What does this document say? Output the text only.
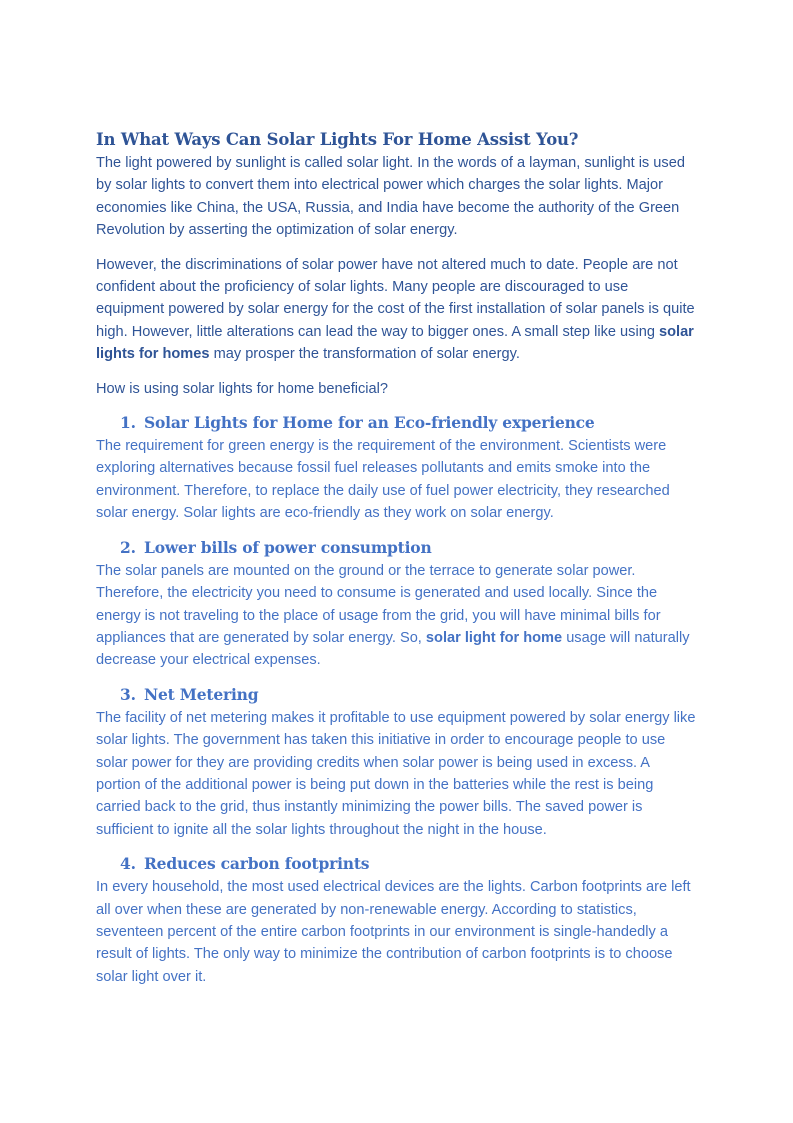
In What Ways Can Solar Lights For Home Assist You?

The light powered by sunlight is called solar light. In the words of a layman, sunlight is used by solar lights to convert them into electrical power which charges the solar lights. Major economies like China, the USA, Russia, and India have become the authority of the Green Revolution by asserting the optimization of solar energy.

However, the discriminations of solar power have not altered much to date. People are not confident about the proficiency of solar lights. Many people are discouraged to use equipment powered by solar energy for the cost of the first installation of solar panels is quite high. However, little alterations can lead the way to bigger ones. A small step like using solar lights for homes may prosper the transformation of solar energy.

How is using solar lights for home beneficial?

1. Solar Lights for Home for an Eco-friendly experience

The requirement for green energy is the requirement of the environment. Scientists were exploring alternatives because fossil fuel releases pollutants and emits smoke into the environment. Therefore, to replace the daily use of fuel power electricity, they researched solar energy. Solar lights are eco-friendly as they work on solar energy.

2. Lower bills of power consumption

The solar panels are mounted on the ground or the terrace to generate solar power. Therefore, the electricity you need to consume is generated and used locally. Since the energy is not traveling to the place of usage from the grid, you will have minimal bills for appliances that are generated by solar energy. So, solar light for home usage will naturally decrease your electrical expenses.

3. Net Metering

The facility of net metering makes it profitable to use equipment powered by solar energy like solar lights. The government has taken this initiative in order to encourage people to use solar power for they are providing credits when solar power is being used in excess. A portion of the additional power is being put down in the batteries while the rest is being carried back to the grid, thus instantly minimizing the power bills. The saved power is sufficient to ignite all the solar lights throughout the night in the house.

4. Reduces carbon footprints

In every household, the most used electrical devices are the lights. Carbon footprints are left all over when these are generated by non-renewable energy. According to statistics, seventeen percent of the entire carbon footprints in our environment is single-handedly a result of lights. The only way to minimize the contribution of carbon footprints is to choose solar light over it.
